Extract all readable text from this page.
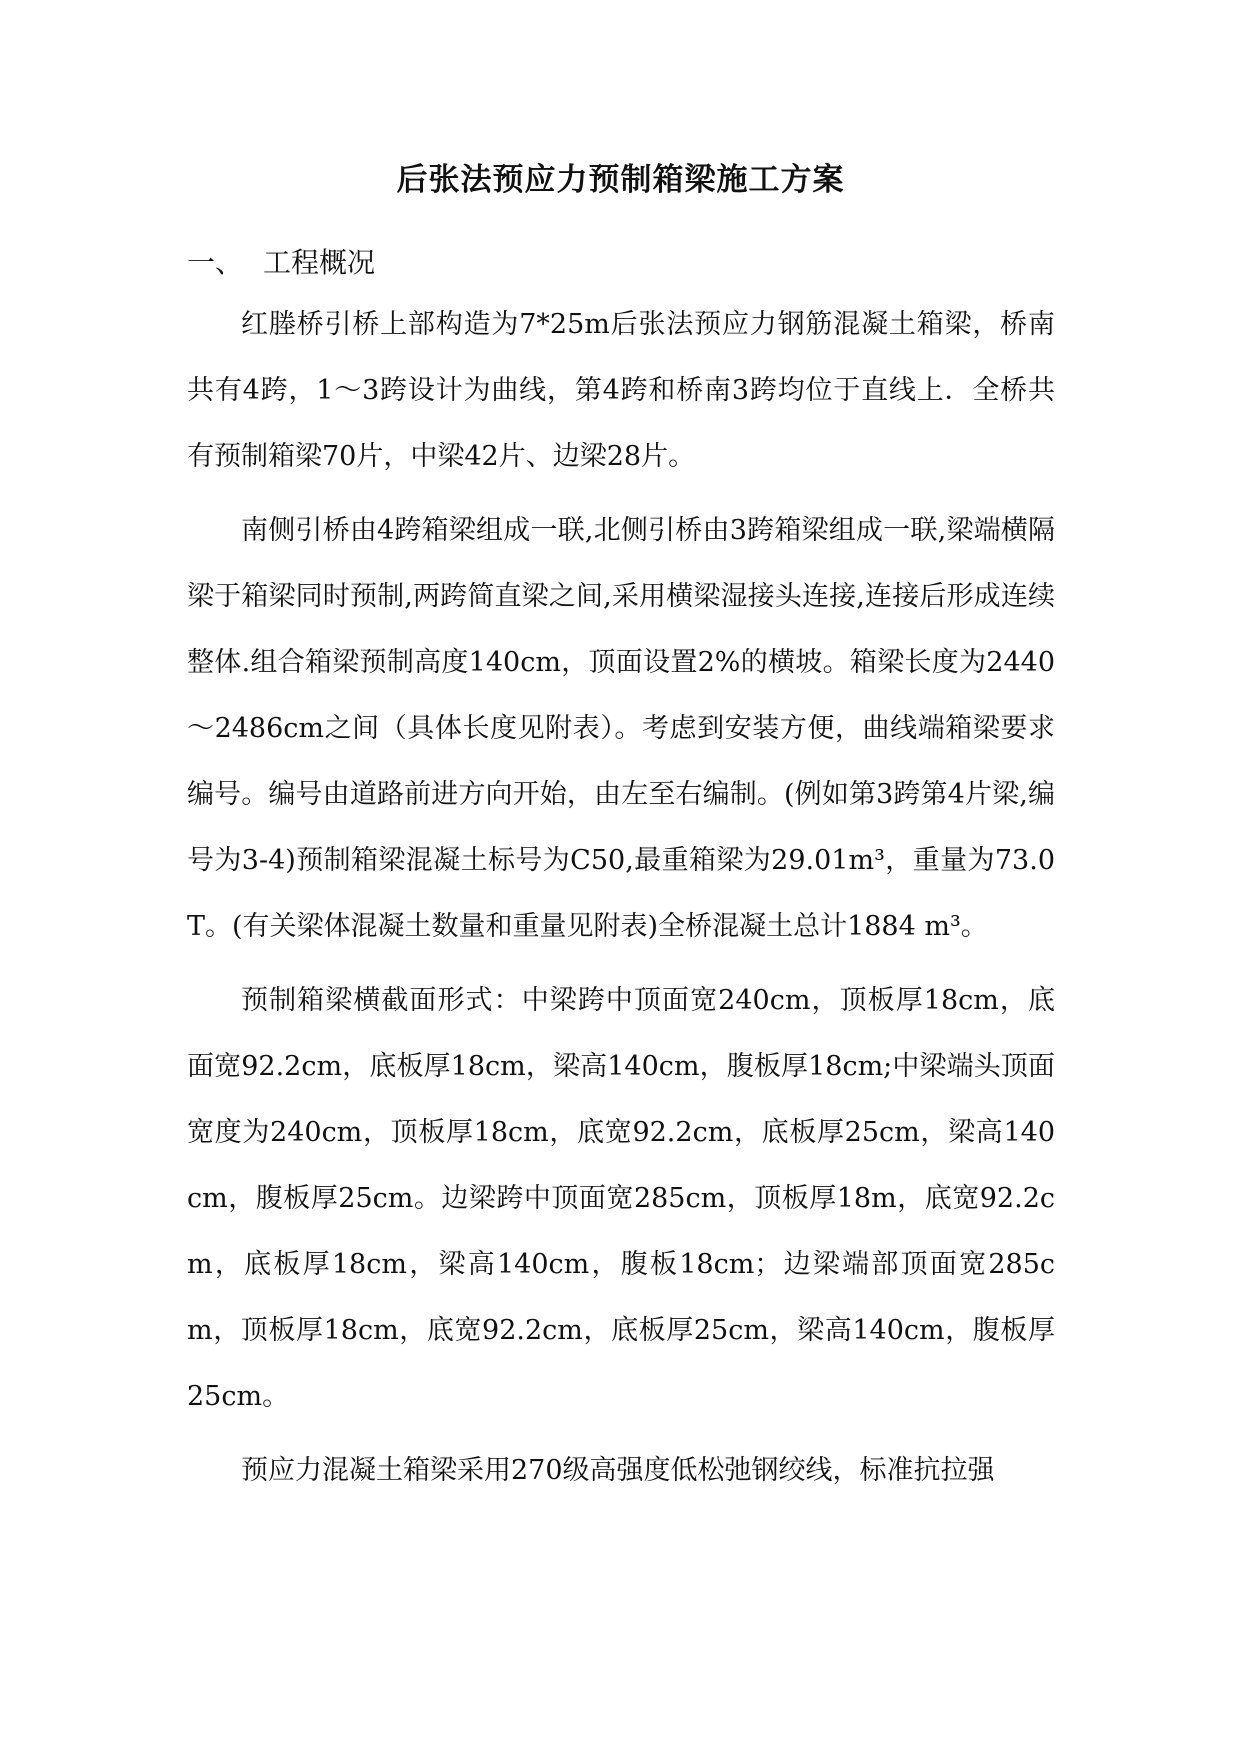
后张法预应力预制箱梁施工方案
一、 工程概况

红塍桥引桥上部构造为7*25m后张法预应力钢筋混凝土箱梁，桥南共有4跨，1～3跨设计为曲线，第4跨和桥南3跨均位于直线上．全桥共有预制箱梁70片，中梁42片、边梁28片。

南侧引桥由4跨箱梁组成一联,北侧引桥由3跨箱梁组成一联,梁端横隔梁于箱梁同时预制,两跨简直梁之间,采用横梁湿接头连接,连接后形成连续整体.组合箱梁预制高度140cm，顶面设置2%的横坡。箱梁长度为2440～2486cm之间（具体长度见附表）。考虑到安装方便，曲线端箱梁要求编号。编号由道路前进方向开始，由左至右编制。(例如第3跨第4片梁,编号为3-4)预制箱梁混凝土标号为C50,最重箱梁为29.01m³，重量为73.0T。(有关梁体混凝土数量和重量见附表)全桥混凝土总计1884 m³。

预制箱梁横截面形式：中梁跨中顶面宽240cm，顶板厚18cm，底面宽92.2cm，底板厚18cm，梁高140cm，腹板厚18cm;中梁端头顶面宽度为240cm，顶板厚18cm，底宽92.2cm，底板厚25cm，梁高140cm，腹板厚25cm。边梁跨中顶面宽285cm，顶板厚18m，底宽92.2cm，底板厚18cm，梁高140cm，腹板18cm；边梁端部顶面宽285cm，顶板厚18cm，底宽92.2cm，底板厚25cm，梁高140cm，腹板厚25cm。

预应力混凝土箱梁采用270级高强度低松弛钢绞线，标准抗拉强
